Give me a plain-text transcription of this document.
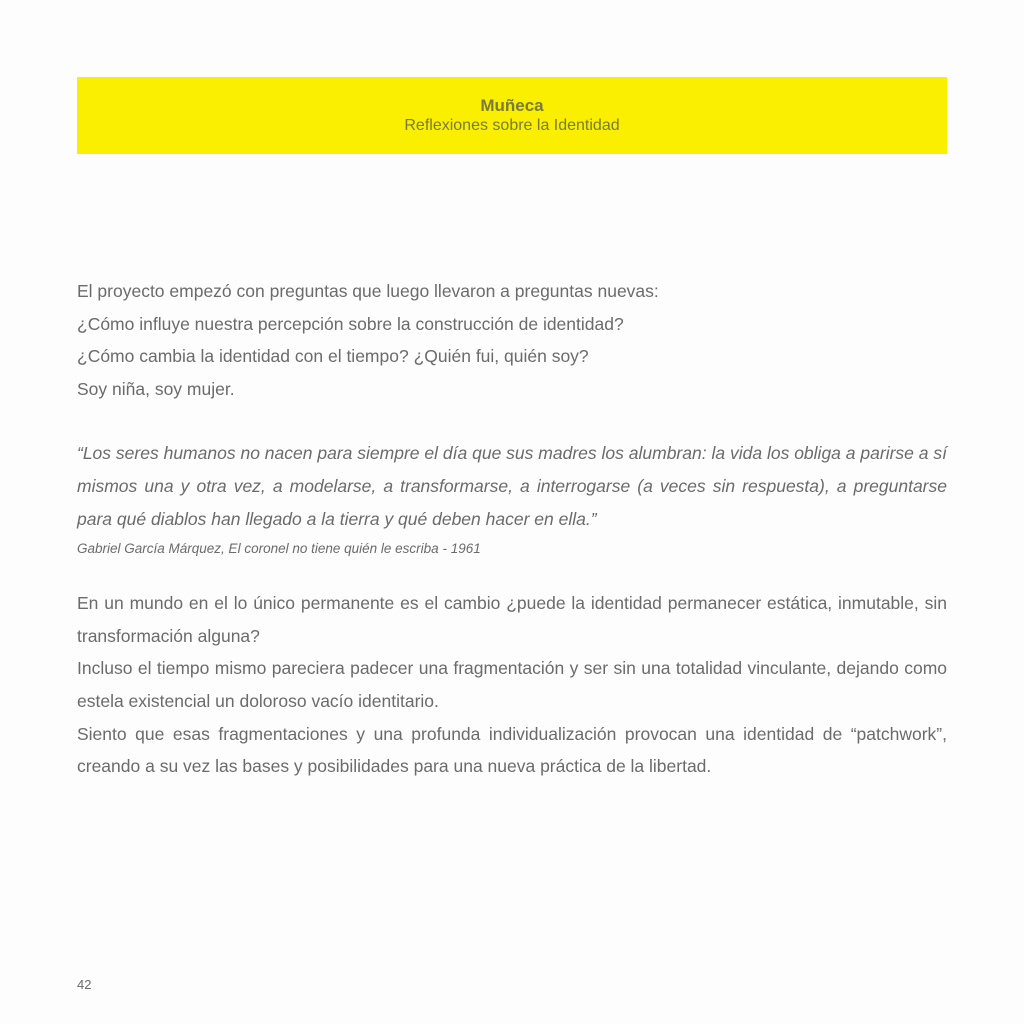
Muñeca
Reflexiones sobre la Identidad

El proyecto empezó con preguntas que luego llevaron a preguntas nuevas:

¿Cómo influye nuestra percepción sobre la construcción de identidad?

¿Cómo cambia la identidad con el tiempo? ¿Quién fui, quién soy?

Soy niña, soy mujer.

“Los seres humanos no nacen para siempre el día que sus madres los alumbran: la vida los obliga a parirse a sí mismos una y otra vez, a modelarse, a transformarse, a interrogarse (a veces sin respuesta), a preguntarse para qué diablos han llegado a la tierra y qué deben hacer en ella.”

Gabriel García Márquez, El coronel no tiene quién le escriba - 1961

En un mundo en el lo único permanente es el cambio ¿puede la identidad permanecer estática, inmutable, sin transformación alguna?

Incluso el tiempo mismo pareciera padecer una fragmentación y ser sin una totalidad vinculante, dejando como estela existencial un doloroso vacío identitario.

Siento que esas fragmentaciones y una profunda individualización provocan una identidad de “patchwork”, creando a su vez las bases y posibilidades para una nueva práctica de la libertad.

42
